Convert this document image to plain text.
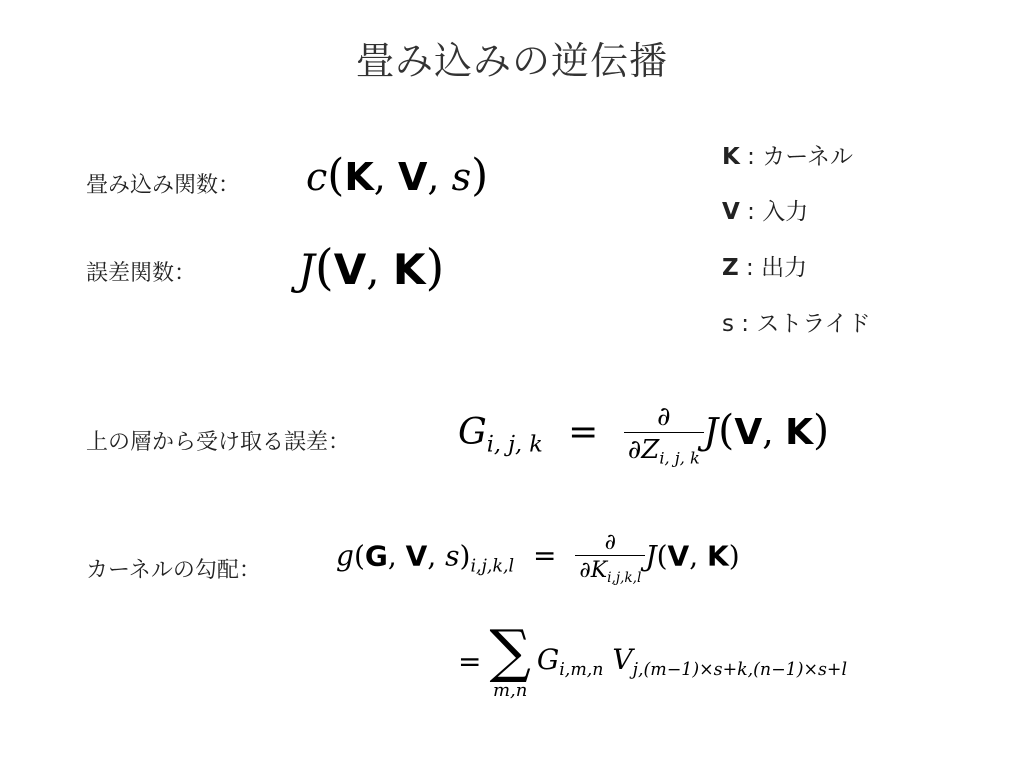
畳み込みの逆伝播
畳み込み関数：
誤差関数：
上の層から受け取る誤差：
カーネルの勾配：
K : カーネル
V : 入力
Z : 出力
s : ストライド
c(K, V, s)
J(V, K)
$G_{i, j, k} = \frac{\partial}{\partial Z_{i, j, k}} J(V$, K)
g(G, V, $s)_{i,j,k,l} = \frac{\partial}{\partial K_{i,j,k,l}} J(V$, K)
= ∑
m,n
$G_{i,m,n}$ $V_{j,(m-1)\times s+k,(n-1)\times s+l}$
